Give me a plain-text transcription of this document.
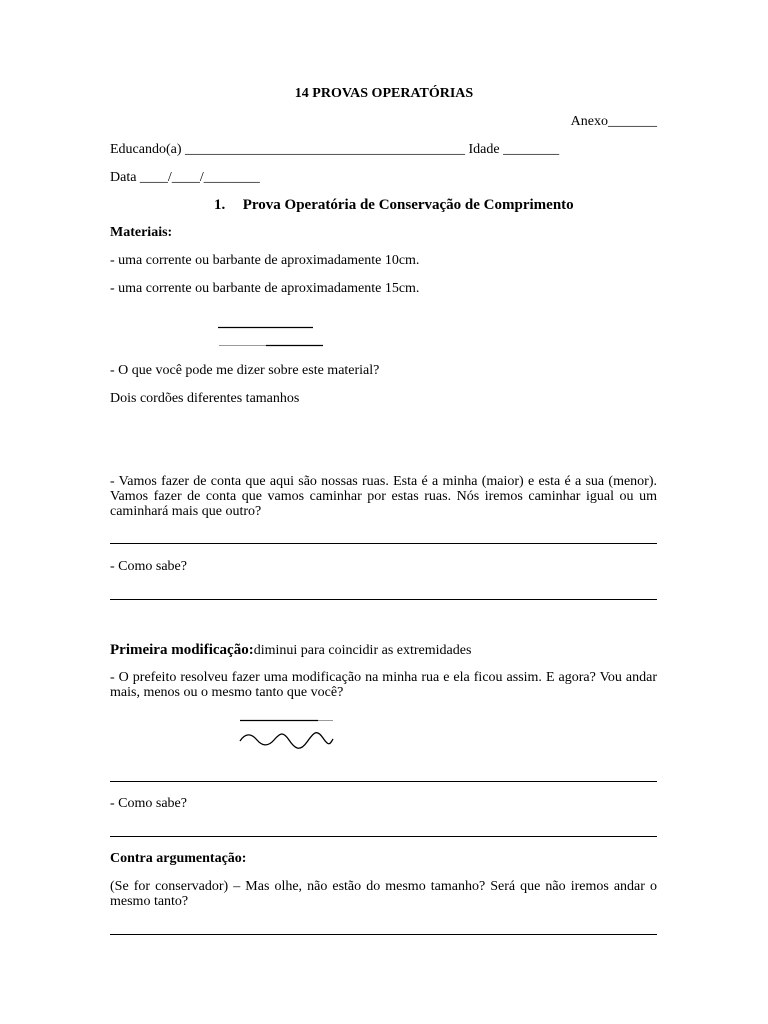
14 PROVAS OPERATÓRIAS
Anexo_______
Educando(a) ________________________________________ Idade ________
Data ____/____/________
1. Prova Operatória de Conservação de Comprimento
Materiais:
- uma corrente ou barbante de aproximadamente 10cm.
- uma corrente ou barbante de aproximadamente 15cm.
- O que você pode me dizer sobre este material?
Dois cordões diferentes tamanhos
- Vamos fazer de conta que aqui são nossas ruas. Esta é a minha (maior) e esta é a sua (menor). Vamos fazer de conta que vamos caminhar por estas ruas. Nós iremos caminhar igual ou um caminhará mais que outro?
- Como sabe?
Primeira modificação:diminui para coincidir as extremidades
- O prefeito resolveu fazer uma modificação na minha rua e ela ficou assim. E agora? Vou andar mais, menos ou o mesmo tanto que você?
- Como sabe?
Contra argumentação:
(Se for conservador) – Mas olhe, não estão do mesmo tamanho? Será que não iremos andar o mesmo tanto?
